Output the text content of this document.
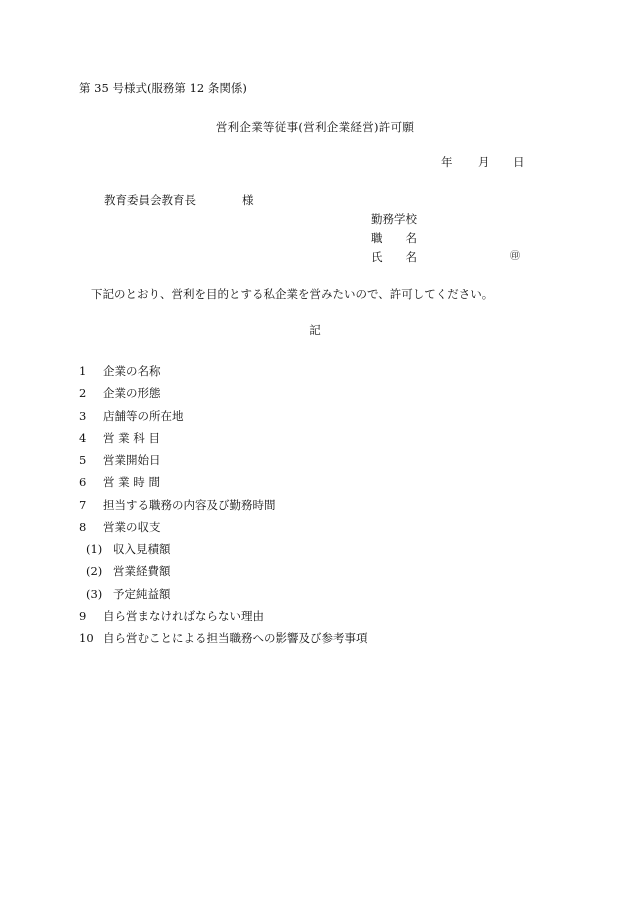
第 35 号様式(服務第 12 条関係)
営利企業等従事(営利企業経営)許可願
年 月 日
教育委員会教育長	様
勤務学校
職　　名
氏　　名	㊞
下記のとおり、営利を目的とする私企業を営みたいので、許可してください。
記
1 企業の名称
2 企業の形態
3 店舗等の所在地
4 営 業 科 目
5 営業開始日
6 営 業 時 間
7 担当する職務の内容及び勤務時間
8 営業の収支
(1) 収入見積額
(2) 営業経費額
(3) 予定純益額
9 自ら営まなければならない理由
10 自ら営むことによる担当職務への影響及び参考事項
